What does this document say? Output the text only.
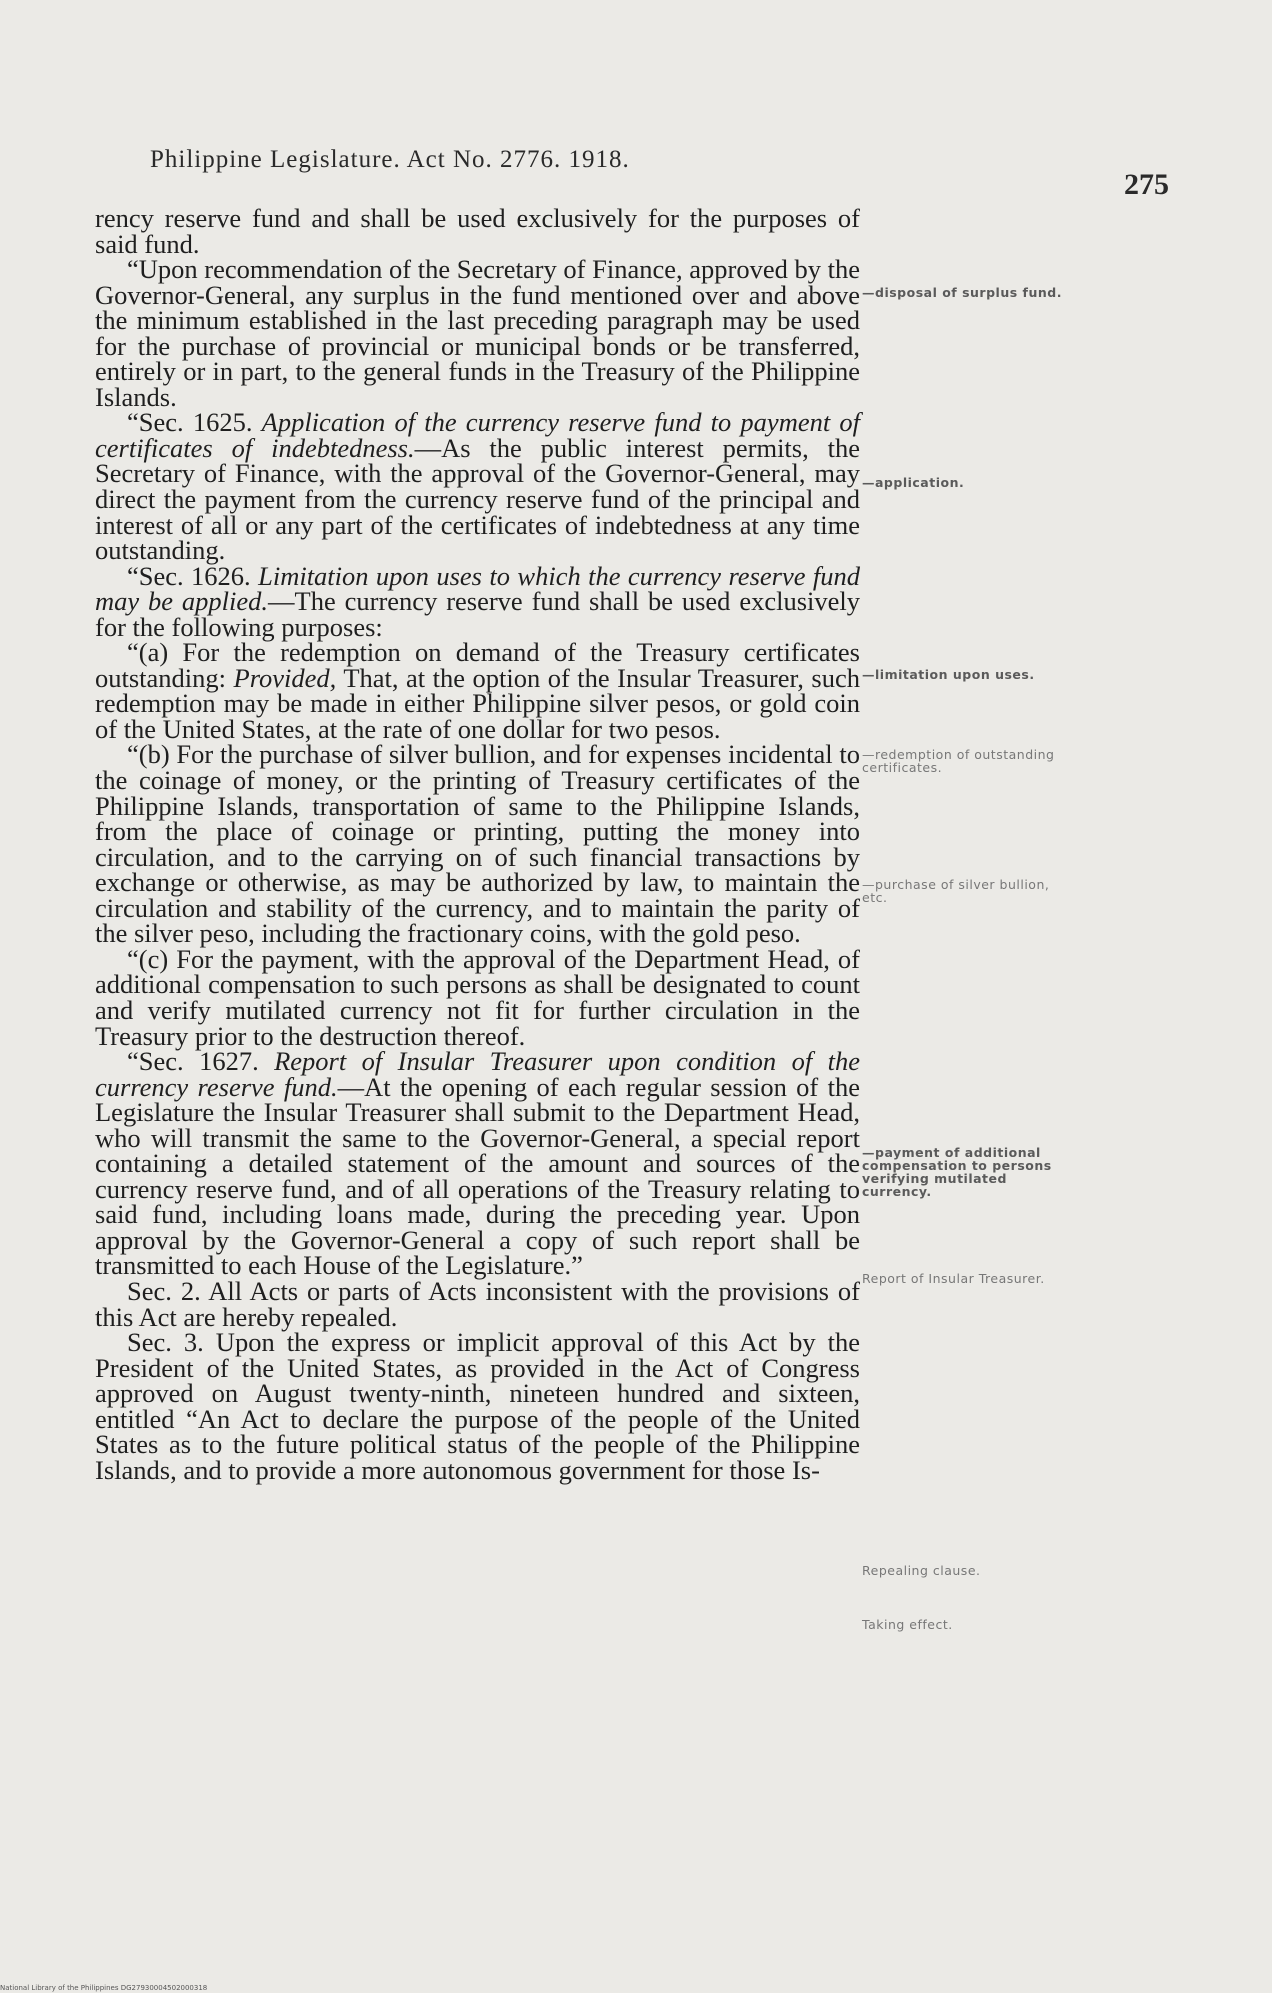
Philippine Legislature. Act No. 2776. 1918.
275

rency reserve fund and shall be used exclusively for the purposes of said fund.

“Upon recommendation of the Secretary of Finance, approved by the Governor-General, any surplus in the fund mentioned over and above the minimum established in the last preceding paragraph may be used for the purchase of provincial or municipal bonds or be transferred, entirely or in part, to the general funds in the Treasury of the Philippine Islands.

“Sec. 1625. Application of the currency reserve fund to payment of certificates of indebtedness.—As the public interest permits, the Secretary of Finance, with the approval of the Governor-General, may direct the payment from the currency reserve fund of the principal and interest of all or any part of the certificates of indebtedness at any time outstanding.

“Sec. 1626. Limitation upon uses to which the currency reserve fund may be applied.—The currency reserve fund shall be used exclusively for the following purposes:

“(a) For the redemption on demand of the Treasury certificates outstanding: Provided, That, at the option of the Insular Treasurer, such redemption may be made in either Philippine silver pesos, or gold coin of the United States, at the rate of one dollar for two pesos.

“(b) For the purchase of silver bullion, and for expenses incidental to the coinage of money, or the printing of Treasury certificates of the Philippine Islands, transportation of same to the Philippine Islands, from the place of coinage or printing, putting the money into circulation, and to the carrying on of such financial transactions by exchange or otherwise, as may be authorized by law, to maintain the circulation and stability of the currency, and to maintain the parity of the silver peso, including the fractionary coins, with the gold peso.

“(c) For the payment, with the approval of the Department Head, of additional compensation to such persons as shall be designated to count and verify mutilated currency not fit for further circulation in the Treasury prior to the destruction thereof.

“Sec. 1627. Report of Insular Treasurer upon condition of the currency reserve fund.—At the opening of each regular session of the Legislature the Insular Treasurer shall submit to the Department Head, who will transmit the same to the Governor-General, a special report containing a detailed statement of the amount and sources of the currency reserve fund, and of all operations of the Treasury relating to said fund, including loans made, during the preceding year. Upon approval by the Governor-General a copy of such report shall be transmitted to each House of the Legislature.”

Sec. 2. All Acts or parts of Acts inconsistent with the provisions of this Act are hereby repealed.

Sec. 3. Upon the express or implicit approval of this Act by the President of the United States, as provided in the Act of Congress approved on August twenty-ninth, nineteen hundred and sixteen, entitled “An Act to declare the purpose of the people of the United States as to the future political status of the people of the Philippine Islands, and to provide a more autonomous government for those Is-

—disposal of surplus fund.
—application.
—limitation upon uses.
—redemption of outstanding certificates.
—purchase of silver bullion, etc.
—payment of additional compensation to persons verifying mutilated currency.
Report of Insular Treasurer.
Repealing clause.
Taking effect.
National Library of the Philippines DG27930004502000318
